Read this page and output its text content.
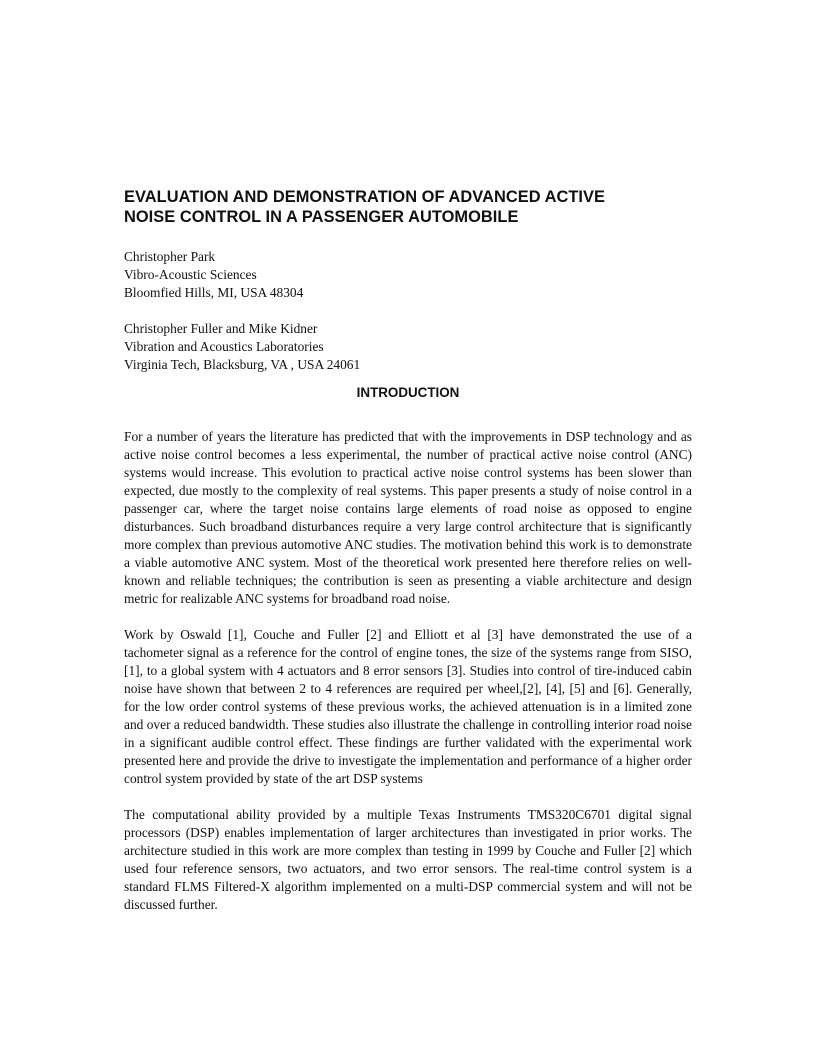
EVALUATION AND DEMONSTRATION OF ADVANCED ACTIVE
NOISE CONTROL IN A PASSENGER AUTOMOBILE
Christopher Park
Vibro-Acoustic Sciences
Bloomfied Hills, MI, USA 48304
Christopher Fuller and Mike Kidner
Vibration and Acoustics Laboratories
Virginia Tech, Blacksburg, VA , USA 24061
INTRODUCTION

For a number of years the literature has predicted that with the improvements in DSP technology and as active noise control becomes a less experimental, the number of practical active noise control (ANC) systems would increase. This evolution to practical active noise control systems has been slower than expected, due mostly to the complexity of real systems. This paper presents a study of noise control in a passenger car, where the target noise contains large elements of road noise as opposed to engine disturbances. Such broadband disturbances require a very large control architecture that is significantly more complex than previous automotive ANC studies. The motivation behind this work is to demonstrate a viable automotive ANC system. Most of the theoretical work presented here therefore relies on well-known and reliable techniques; the contribution is seen as presenting a viable architecture and design metric for realizable ANC systems for broadband road noise.

Work by Oswald [1], Couche and Fuller [2] and Elliott et al [3] have demonstrated the use of a tachometer signal as a reference for the control of engine tones, the size of the systems range from SISO, [1], to a global system with 4 actuators and 8 error sensors [3]. Studies into control of tire-induced cabin noise have shown that between 2 to 4 references are required per wheel,[2], [4], [5] and [6]. Generally, for the low order control systems of these previous works, the achieved attenuation is in a limited zone and over a reduced bandwidth. These studies also illustrate the challenge in controlling interior road noise in a significant audible control effect. These findings are further validated with the experimental work presented here and provide the drive to investigate the implementation and performance of a higher order control system provided by state of the art DSP systems

The computational ability provided by a multiple Texas Instruments TMS320C6701 digital signal processors (DSP) enables implementation of larger architectures than investigated in prior works. The architecture studied in this work are more complex than testing in 1999 by Couche and Fuller [2] which used four reference sensors, two actuators, and two error sensors. The real-time control system is a standard FLMS Filtered-X algorithm implemented on a multi-DSP commercial system and will not be discussed further.
